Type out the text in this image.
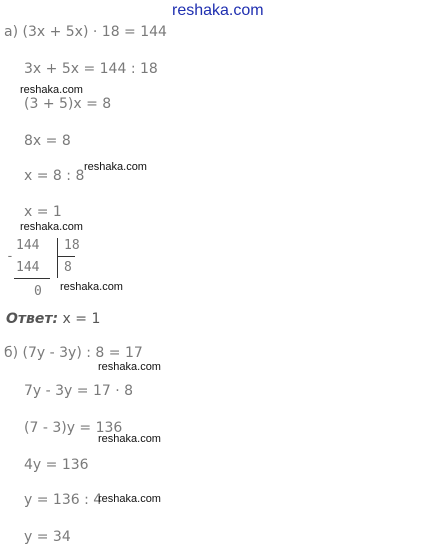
reshaka.com
а) (3x + 5x) · 18 = 144
3x + 5x = 144 : 18
reshaka.com
(3 + 5)x = 8
8x = 8
x = 8 : 8
reshaka.com
x = 1
reshaka.com
-
144 18
144 8
0 reshaka.com
Ответ: x = 1
б) (7y - 3y) : 8 = 17
reshaka.com
7y - 3y = 17 · 8
(7 - 3)y = 136
reshaka.com
4y = 136
y = 136 : 4
reshaka.com
y = 34
